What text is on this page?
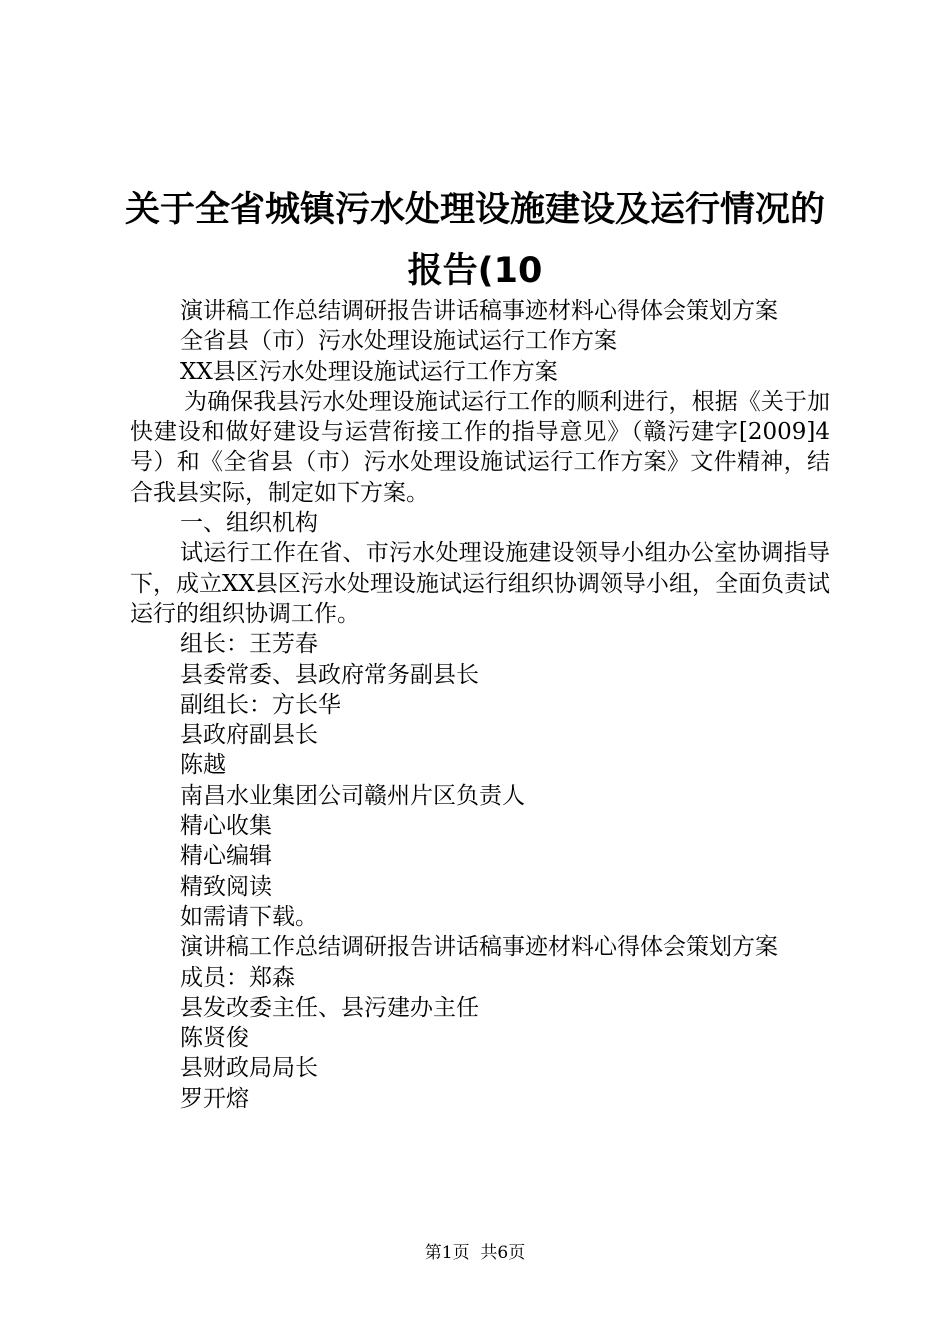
关于全省城镇污水处理设施建设及运行情况的
报告(10

演讲稿工作总结调研报告讲话稿事迹材料心得体会策划方案

全省县（市）污水处理设施试运行工作方案

XX县区污水处理设施试运行工作方案

为确保我县污水处理设施试运行工作的顺利进行，根据《关于加快建设和做好建设与运营衔接工作的指导意见》（赣污建字[2009]4号）和《全省县（市）污水处理设施试运行工作方案》文件精神，结合我县实际，制定如下方案。

一、组织机构

试运行工作在省、市污水处理设施建设领导小组办公室协调指导下，成立XX县区污水处理设施试运行组织协调领导小组，全面负责试运行的组织协调工作。

组长：王芳春

县委常委、县政府常务副县长

副组长：方长华

县政府副县长

陈越

南昌水业集团公司赣州片区负责人

精心收集

精心编辑

精致阅读

如需请下载。

演讲稿工作总结调研报告讲话稿事迹材料心得体会策划方案

成员：郑森

县发改委主任、县污建办主任

陈贤俊

县财政局局长

罗开熔

第1页  共6页
